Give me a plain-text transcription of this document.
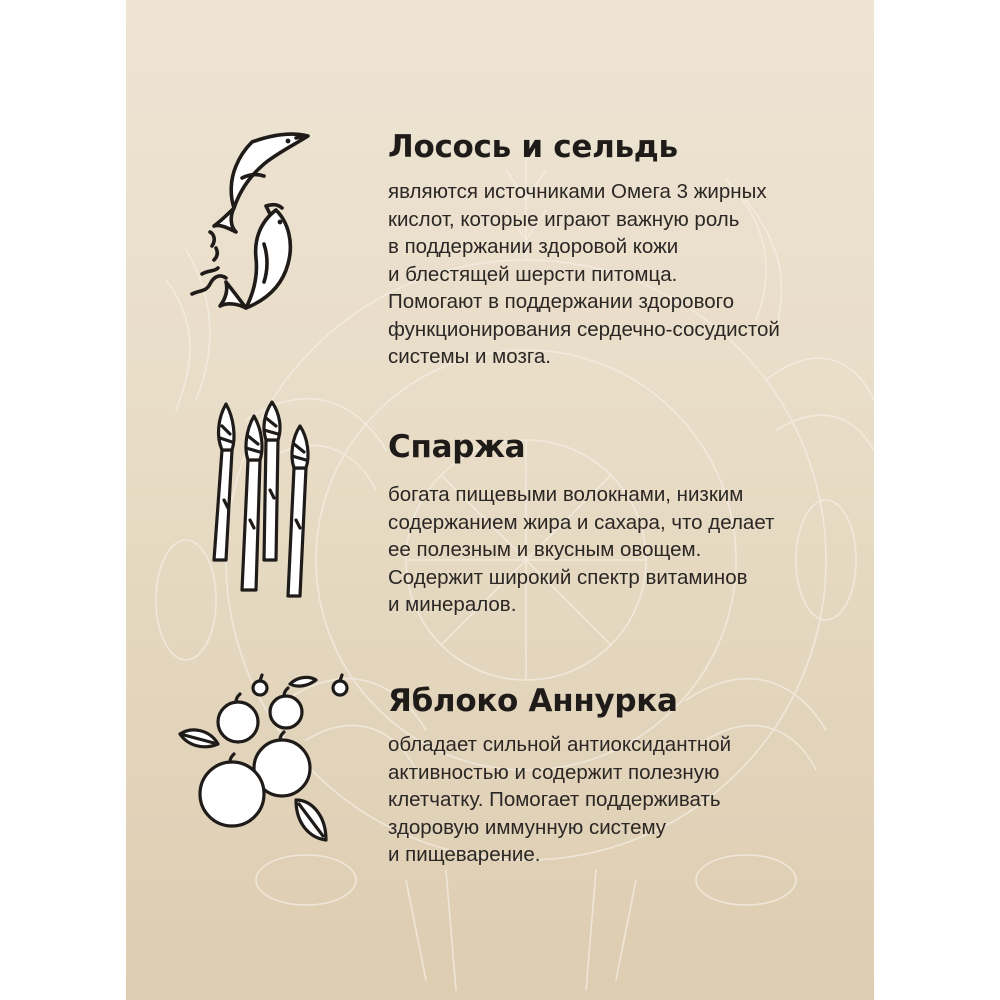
Лосось и сельдь

являются источниками Омега 3 жирных
кислот, которые играют важную роль
в поддержании здоровой кожи
и блестящей шерсти питомца.
Помогают в поддержании здорового
функционирования сердечно-сосудистой
системы и мозга.

Спаржа

богата пищевыми волокнами, низким
содержанием жира и сахара, что делает
ее полезным и вкусным овощем.
Содержит широкий спектр витаминов
и минералов.

Яблоко Аннурка

обладает сильной антиоксидантной
активностью и содержит полезную
клетчатку. Помогает поддерживать
здоровую иммунную систему
и пищеварение.
